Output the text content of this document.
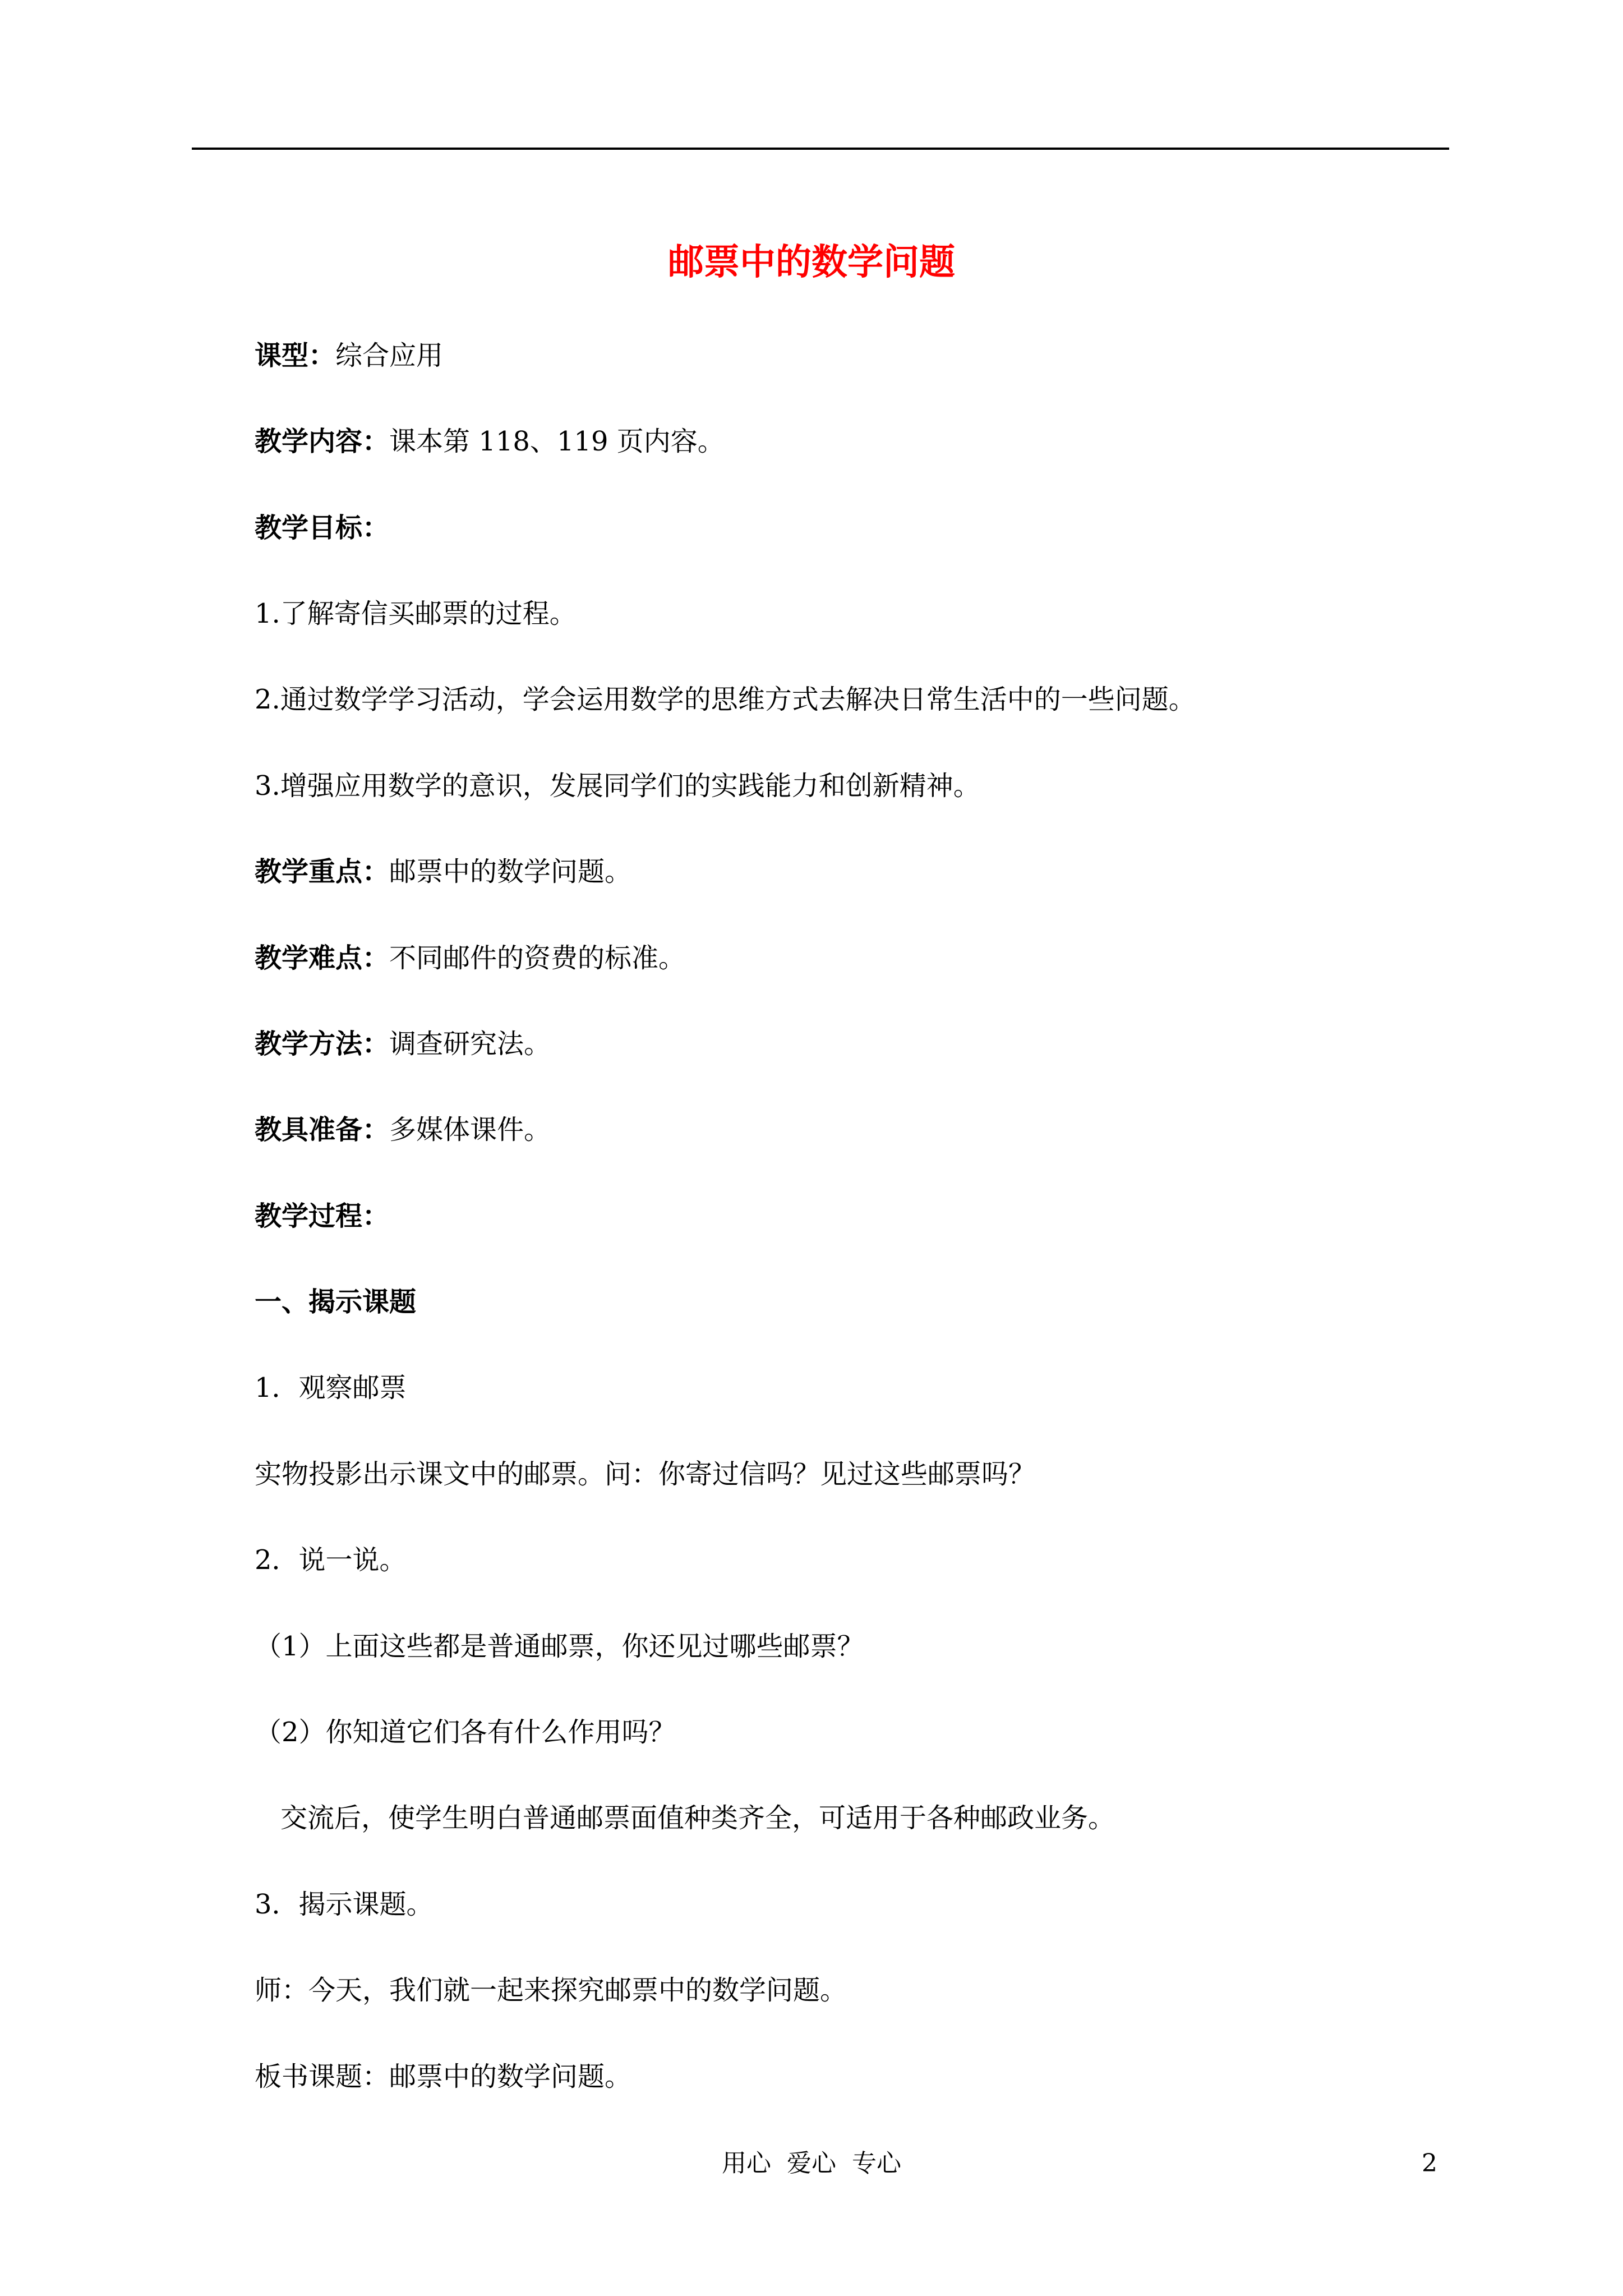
邮票中的数学问题
课型：综合应用
教学内容：课本第 118、119 页内容。
教学目标：
1.了解寄信买邮票的过程。
2.通过数学学习活动，学会运用数学的思维方式去解决日常生活中的一些问题。
3.增强应用数学的意识，发展同学们的实践能力和创新精神。
教学重点：邮票中的数学问题。
教学难点：不同邮件的资费的标准。
教学方法：调查研究法。
教具准备：多媒体课件。
教学过程：
一、揭示课题
1．观察邮票
实物投影出示课文中的邮票。问：你寄过信吗？见过这些邮票吗？
2．说一说。
（1）上面这些都是普通邮票，你还见过哪些邮票？
（2）你知道它们各有什么作用吗？
交流后，使学生明白普通邮票面值种类齐全，可适用于各种邮政业务。
3．揭示课题。
师：今天，我们就一起来探究邮票中的数学问题。
板书课题：邮票中的数学问题。
用心  爱心  专心	2
